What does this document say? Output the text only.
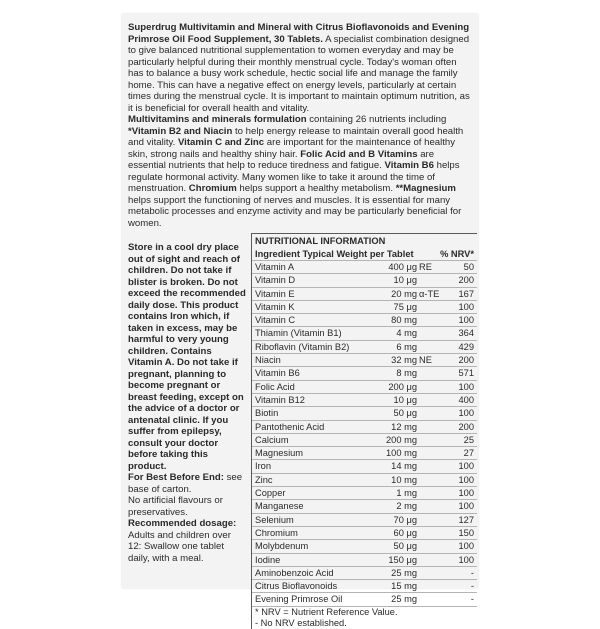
Superdrug Multivitamin and Mineral with Citrus Bioflavonoids and Evening Primrose Oil Food Supplement, 30 Tablets. A specialist combination designed to give balanced nutritional supplementation to women everyday and may be particularly helpful during their monthly menstrual cycle. Today's woman often has to balance a busy work schedule, hectic social life and manage the family home. This can have a negative effect on energy levels, particularly at certain times during the menstrual cycle. It is important to maintain optimum nutrition, as it is beneficial for overall health and vitality.

Multivitamins and minerals formulation containing 26 nutrients including *Vitamin B2 and Niacin to help energy release to maintain overall good health and vitality. Vitamin C and Zinc are important for the maintenance of healthy skin, strong nails and healthy shiny hair. Folic Acid and B Vitamins are essential nutrients that help to reduce tiredness and fatigue. Vitamin B6 helps regulate hormonal activity. Many women like to take it around the time of menstruation. Chromium helps support a healthy metabolism. **Magnesium helps support the functioning of nerves and muscles. It is essential for many metabolic processes and enzyme activity and may be particularly beneficial for women.

Store in a cool dry place out of sight and reach of children. Do not take if blister is broken. Do not exceed the recommended daily dose. This product contains Iron which, if taken in excess, may be harmful to very young children. Contains Vitamin A. Do not take if pregnant, planning to become pregnant or breast feeding, except on the advice of a doctor or antenatal clinic. If you suffer from epilepsy, consult your doctor before taking this product.

For Best Before End: see base of carton.

No artificial flavours or preservatives.

Recommended dosage: Adults and children over 12: Swallow one tablet daily, with a meal.

NUTRITIONAL INFORMATION
Ingredient Typical Weight per Tablet	% NRV*
Vitamin A	400 μg RE	50
Vitamin D	10 μg	200
Vitamin E	20 mg α-TE	167
Vitamin K	75 μg	100
Vitamin C	80 mg	100
Thiamin (Vitamin B1)	4 mg	364
Riboflavin (Vitamin B2)	6 mg	429
Niacin	32 mg NE	200
Vitamin B6	8 mg	571
Folic Acid	200 μg	100
Vitamin B12	10 μg	400
Biotin	50 μg	100
Pantothenic Acid	12 mg	200
Calcium	200 mg	25
Magnesium	100 mg	27
Iron	14 mg	100
Zinc	10 mg	100
Copper	1 mg	100
Manganese	2 mg	100
Selenium	70 μg	127
Chromium	60 μg	150
Molybdenum	50 μg	100
Iodine	150 μg	100
Aminobenzoic Acid	25 mg	-
Citrus Bioflavonoids	15 mg	-
Evening Primrose Oil	25 mg	-
* NRV = Nutrient Reference Value.
- No NRV established.
